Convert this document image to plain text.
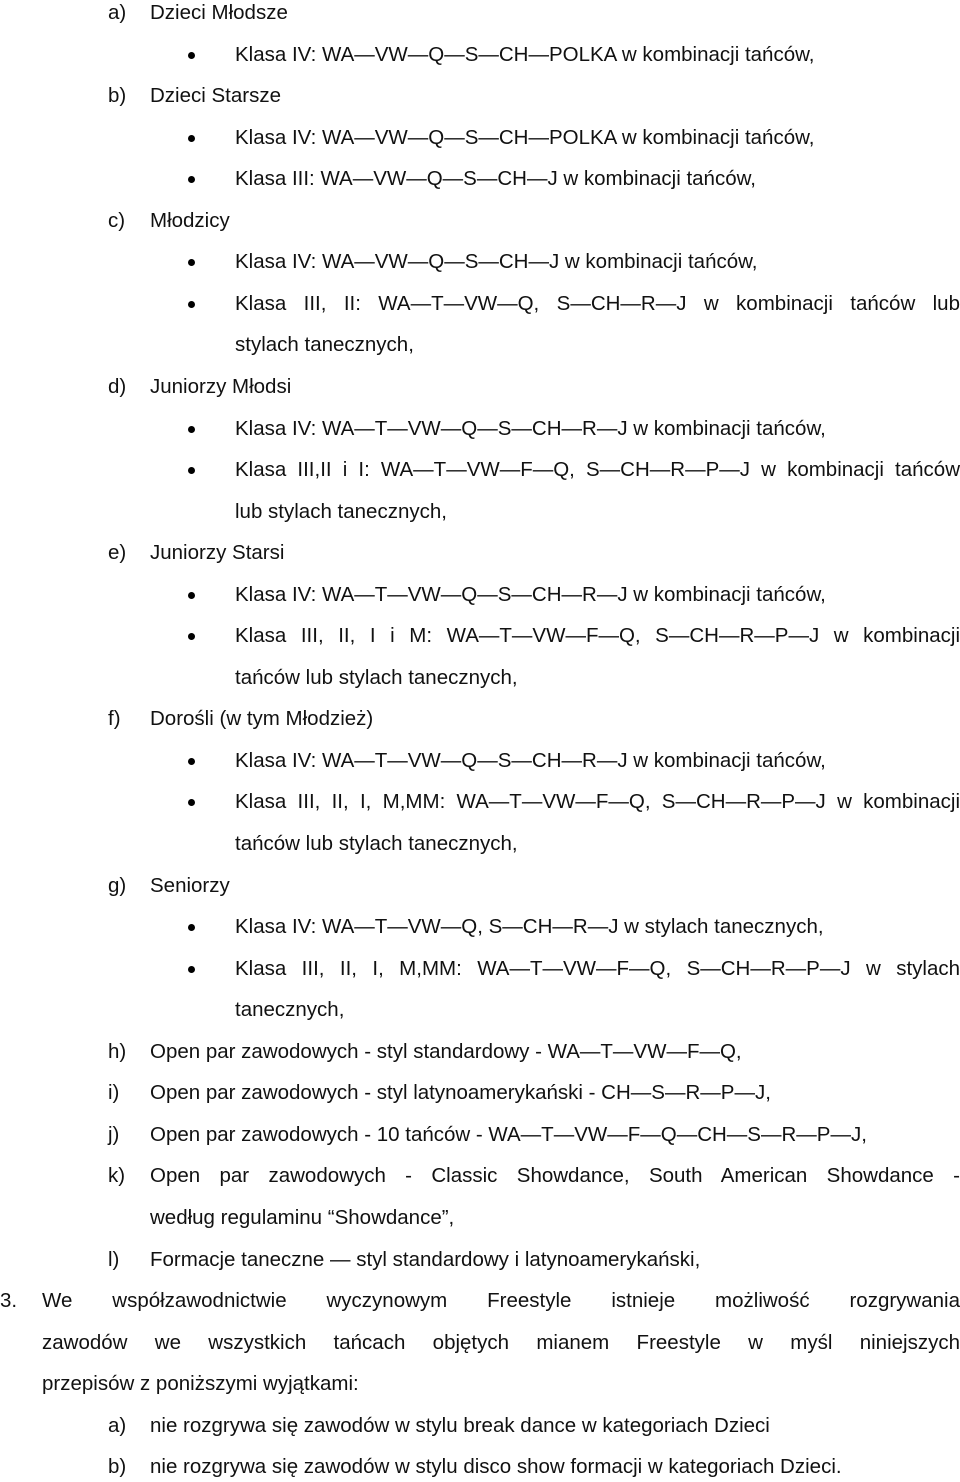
a) Dzieci Młodsze
Klasa IV: WA—VW—Q—S—CH—POLKA w kombinacji tańców,
b) Dzieci Starsze
Klasa IV: WA—VW—Q—S—CH—POLKA w kombinacji tańców,
Klasa III: WA—VW—Q—S—CH—J w kombinacji tańców,
c) Młodzicy
Klasa IV: WA—VW—Q—S—CH—J w kombinacji tańców,
Klasa III, II: WA—T—VW—Q, S—CH—R—J w kombinacji tańców lub
stylach tanecznych,
d) Juniorzy Młodsi
Klasa IV: WA—T—VW—Q—S—CH—R—J w kombinacji tańców,
Klasa III,II i I: WA—T—VW—F—Q, S—CH—R—P—J w kombinacji tańców
lub stylach tanecznych,
e) Juniorzy Starsi
Klasa IV: WA—T—VW—Q—S—CH—R—J w kombinacji tańców,
Klasa III, II, I i M: WA—T—VW—F—Q, S—CH—R—P—J w kombinacji
tańców lub stylach tanecznych,
f) Dorośli (w tym Młodzież)
Klasa IV: WA—T—VW—Q—S—CH—R—J w kombinacji tańców,
Klasa III, II, I, M,MM: WA—T—VW—F—Q, S—CH—R—P—J w kombinacji
tańców lub stylach tanecznych,
g) Seniorzy
Klasa IV: WA—T—VW—Q, S—CH—R—J w stylach tanecznych,
Klasa III, II, I, M,MM: WA—T—VW—F—Q, S—CH—R—P—J w stylach
tanecznych,
h) Open par zawodowych - styl standardowy - WA—T—VW—F—Q,
i) Open par zawodowych - styl latynoamerykański - CH—S—R—P—J,
j) Open par zawodowych - 10 tańców - WA—T—VW—F—Q—CH—S—R—P—J,
k) Open par zawodowych - Classic Showdance, South American Showdance -
według regulaminu “Showdance”,
l) Formacje taneczne — styl standardowy i latynoamerykański,
3. We współzawodnictwie wyczynowym Freestyle istnieje możliwość rozgrywania
zawodów we wszystkich tańcach objętych mianem Freestyle w myśl niniejszych
przepisów z poniższymi wyjątkami:
a) nie rozgrywa się zawodów w stylu break dance w kategoriach Dzieci
b) nie rozgrywa się zawodów w stylu disco show formacji w kategoriach Dzieci.
